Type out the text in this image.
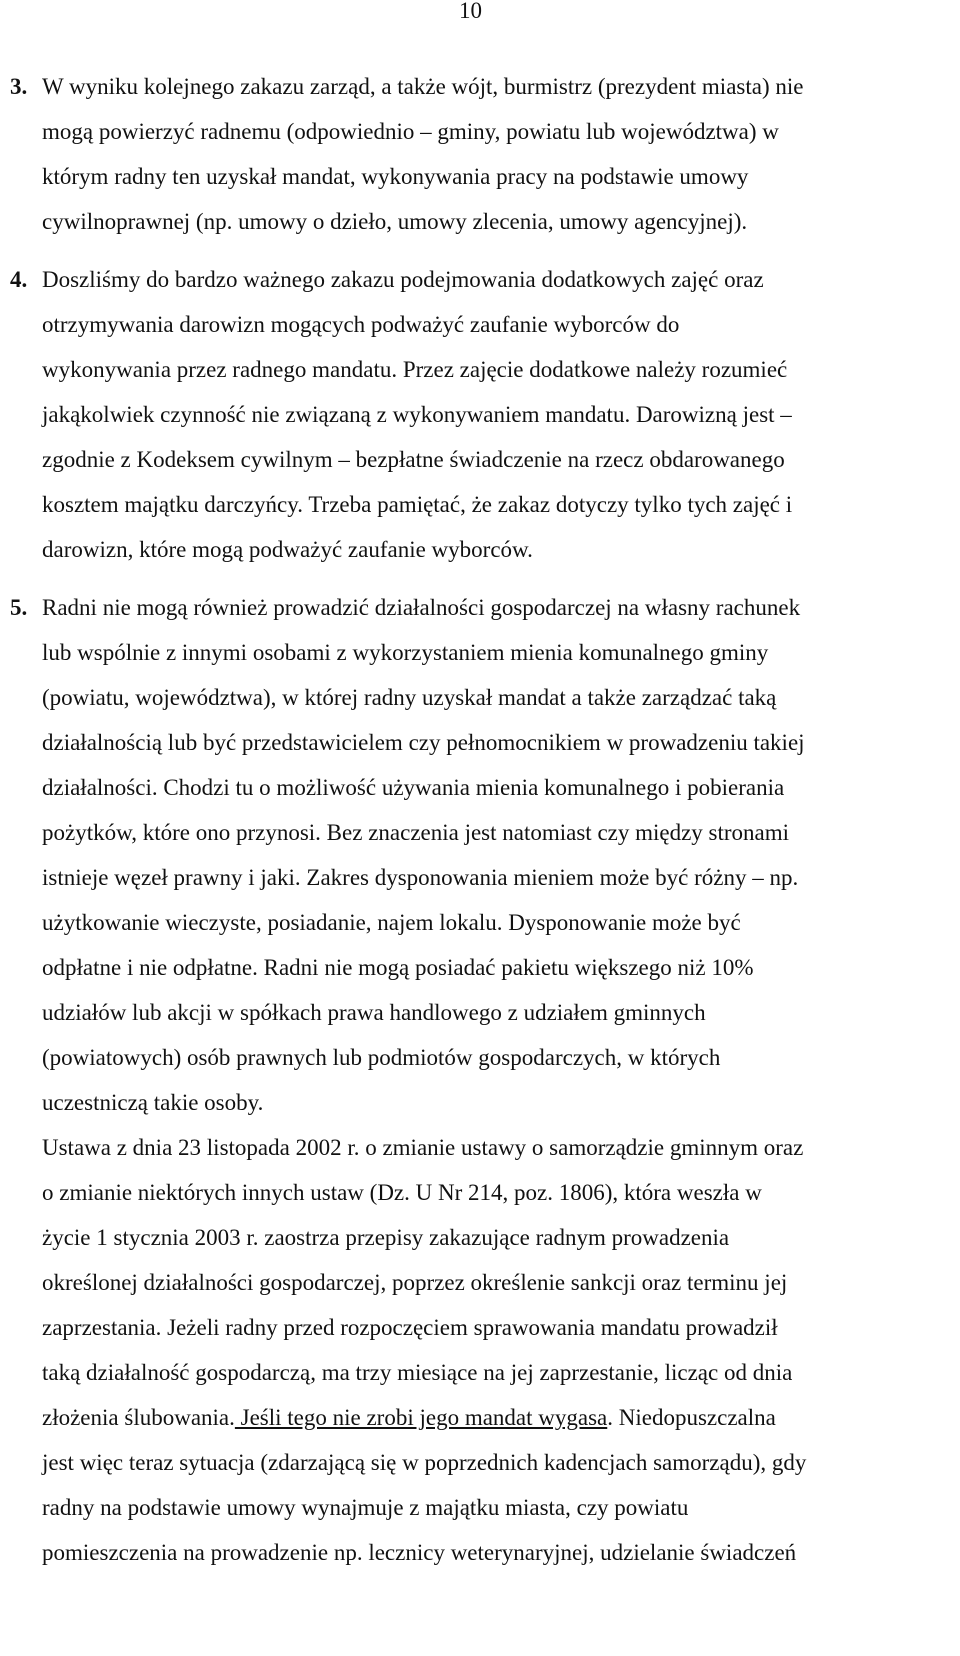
10
3. W wyniku kolejnego zakazu zarząd, a także wójt, burmistrz (prezydent miasta) nie
mogą powierzyć radnemu (odpowiednio – gminy, powiatu lub województwa) w
którym radny ten uzyskał mandat, wykonywania pracy na podstawie umowy
cywilnoprawnej (np. umowy o dzieło, umowy zlecenia, umowy agencyjnej).
4. Doszliśmy do bardzo ważnego zakazu podejmowania dodatkowych zajęć oraz
otrzymywania darowizn mogących podważyć zaufanie wyborców do
wykonywania przez radnego mandatu. Przez zajęcie dodatkowe należy rozumieć
jakąkolwiek czynność nie związaną z wykonywaniem mandatu. Darowizną jest –
zgodnie z Kodeksem cywilnym – bezpłatne świadczenie na rzecz obdarowanego
kosztem majątku darczyńcy. Trzeba pamiętać, że zakaz dotyczy tylko tych zajęć i
darowizn, które mogą podważyć zaufanie wyborców.
5. Radni nie mogą również prowadzić działalności gospodarczej na własny rachunek
lub wspólnie z innymi osobami z wykorzystaniem mienia komunalnego gminy
(powiatu, województwa), w której radny uzyskał mandat a także zarządzać taką
działalnością lub być przedstawicielem czy pełnomocnikiem w prowadzeniu takiej
działalności. Chodzi tu o możliwość używania mienia komunalnego i pobierania
pożytków, które ono przynosi. Bez znaczenia jest natomiast czy między stronami
istnieje węzeł prawny i jaki. Zakres dysponowania mieniem może być różny – np.
użytkowanie wieczyste, posiadanie, najem lokalu. Dysponowanie może być
odpłatne i nie odpłatne. Radni nie mogą posiadać pakietu większego niż 10%
udziałów lub akcji w spółkach prawa handlowego z udziałem gminnych
(powiatowych) osób prawnych lub podmiotów gospodarczych, w których
uczestniczą takie osoby.
Ustawa z dnia 23 listopada 2002 r. o zmianie ustawy o samorządzie gminnym oraz
o zmianie niektórych innych ustaw (Dz. U Nr 214, poz. 1806), która weszła w
życie 1 stycznia 2003 r. zaostrza przepisy zakazujące radnym prowadzenia
określonej działalności gospodarczej, poprzez określenie sankcji oraz terminu jej
zaprzestania. Jeżeli radny przed rozpoczęciem sprawowania mandatu prowadził
taką działalność gospodarczą, ma trzy miesiące na jej zaprzestanie, licząc od dnia
złożenia ślubowania. Jeśli tego nie zrobi jego mandat wygasa. Niedopuszczalna
jest więc teraz sytuacja (zdarzającą się w poprzednich kadencjach samorządu), gdy
radny na podstawie umowy wynajmuje z majątku miasta, czy powiatu
pomieszczenia na prowadzenie np. lecznicy weterynaryjnej, udzielanie świadczeń
